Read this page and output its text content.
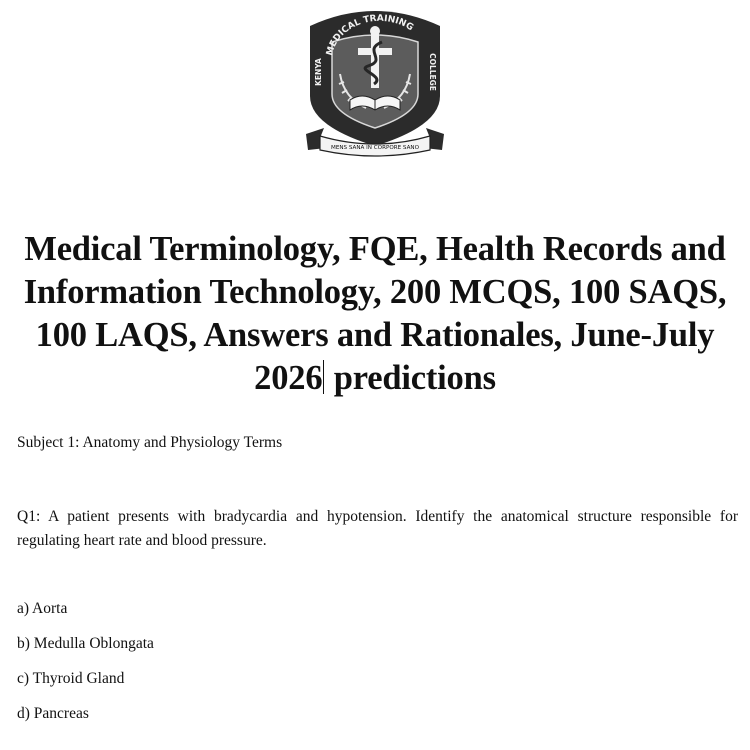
MEDICAL TRAINING
KENYA	COLLEGE
MENS SANA IN CORPORE SANO
Medical Terminology, FQE, Health Records and Information Technology, 200 MCQS, 100 SAQS, 100 LAQS, Answers and Rationales, June-July 2026 predictions
Subject 1: Anatomy and Physiology Terms

Q1: A patient presents with bradycardia and hypotension. Identify the anatomical structure responsible for regulating heart rate and blood pressure.

a) Aorta
b) Medulla Oblongata
c) Thyroid Gland
d) Pancreas
